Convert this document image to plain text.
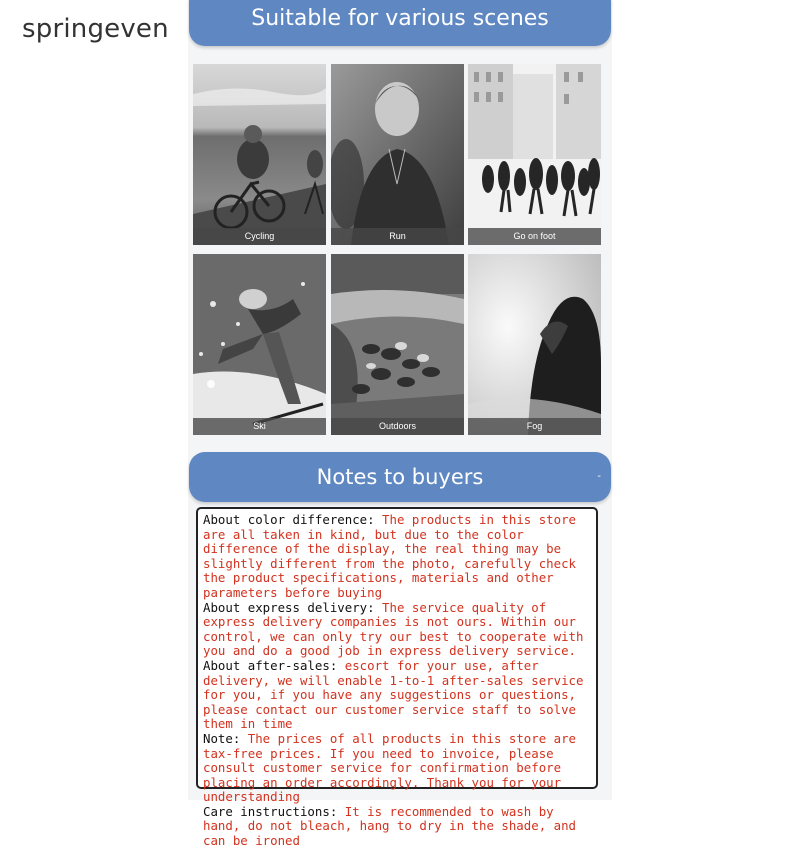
springeven	Suitable for various scenes
Cycling	Run	Go on foot
Ski	Outdoors	Fog
Notes to buyers	-

About color difference: The products in this store are all taken in kind, but due to the color difference of the display, the real thing may be slightly different from the photo, carefully check the product specifications, materials and other parameters before buying

About express delivery: The service quality of express delivery companies is not ours. Within our control, we can only try our best to cooperate with you and do a good job in express delivery service.

About after-sales: escort for your use, after delivery, we will enable 1-to-1 after-sales service for you, if you have any suggestions or questions, please contact our customer service staff to solve them in time

Note: The prices of all products in this store are tax-free prices. If you need to invoice, please consult customer service for confirmation before placing an order accordingly. Thank you for your understanding

Care instructions: It is recommended to wash by hand, do not bleach, hang to dry in the shade, and can be ironed
